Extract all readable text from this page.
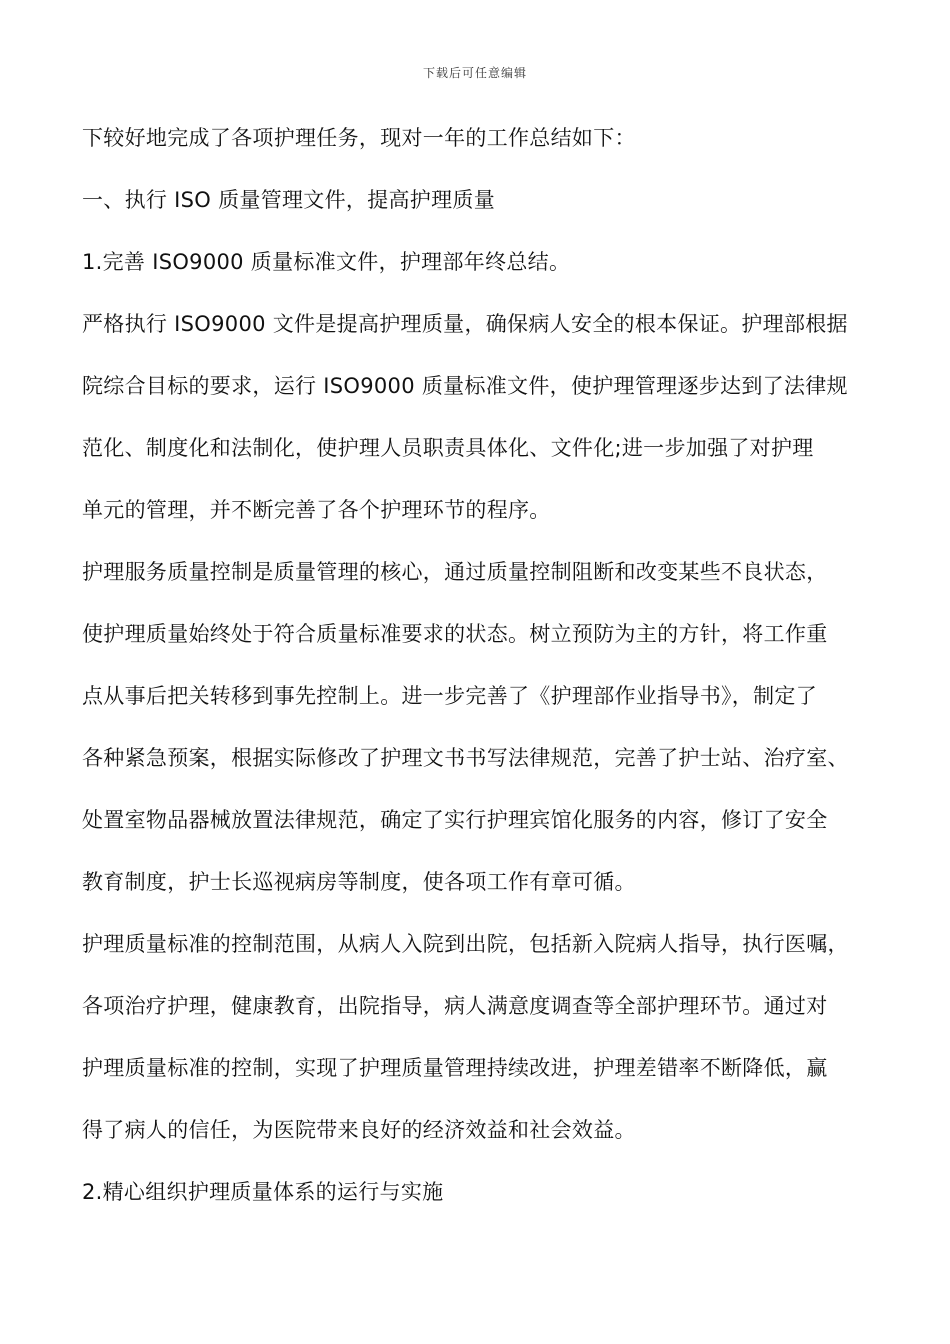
下载后可任意编辑
下较好地完成了各项护理任务，现对一年的工作总结如下：
一、执行 ISO 质量管理文件，提高护理质量
1.完善 ISO9000 质量标准文件，护理部年终总结。
严格执行 ISO9000 文件是提高护理质量，确保病人安全的根本保证。护理部根据
院综合目标的要求，运行 ISO9000 质量标准文件，使护理管理逐步达到了法律规
范化、制度化和法制化，使护理人员职责具体化、文件化;进一步加强了对护理
单元的管理，并不断完善了各个护理环节的程序。
护理服务质量控制是质量管理的核心，通过质量控制阻断和改变某些不良状态，
使护理质量始终处于符合质量标准要求的状态。树立预防为主的方针，将工作重
点从事后把关转移到事先控制上。进一步完善了《护理部作业指导书》，制定了
各种紧急预案，根据实际修改了护理文书书写法律规范，完善了护士站、治疗室、
处置室物品器械放置法律规范，确定了实行护理宾馆化服务的内容，修订了安全
教育制度，护士长巡视病房等制度，使各项工作有章可循。
护理质量标准的控制范围，从病人入院到出院，包括新入院病人指导，执行医嘱，
各项治疗护理，健康教育，出院指导，病人满意度调查等全部护理环节。通过对
护理质量标准的控制，实现了护理质量管理持续改进，护理差错率不断降低，赢
得了病人的信任，为医院带来良好的经济效益和社会效益。
2.精心组织护理质量体系的运行与实施
